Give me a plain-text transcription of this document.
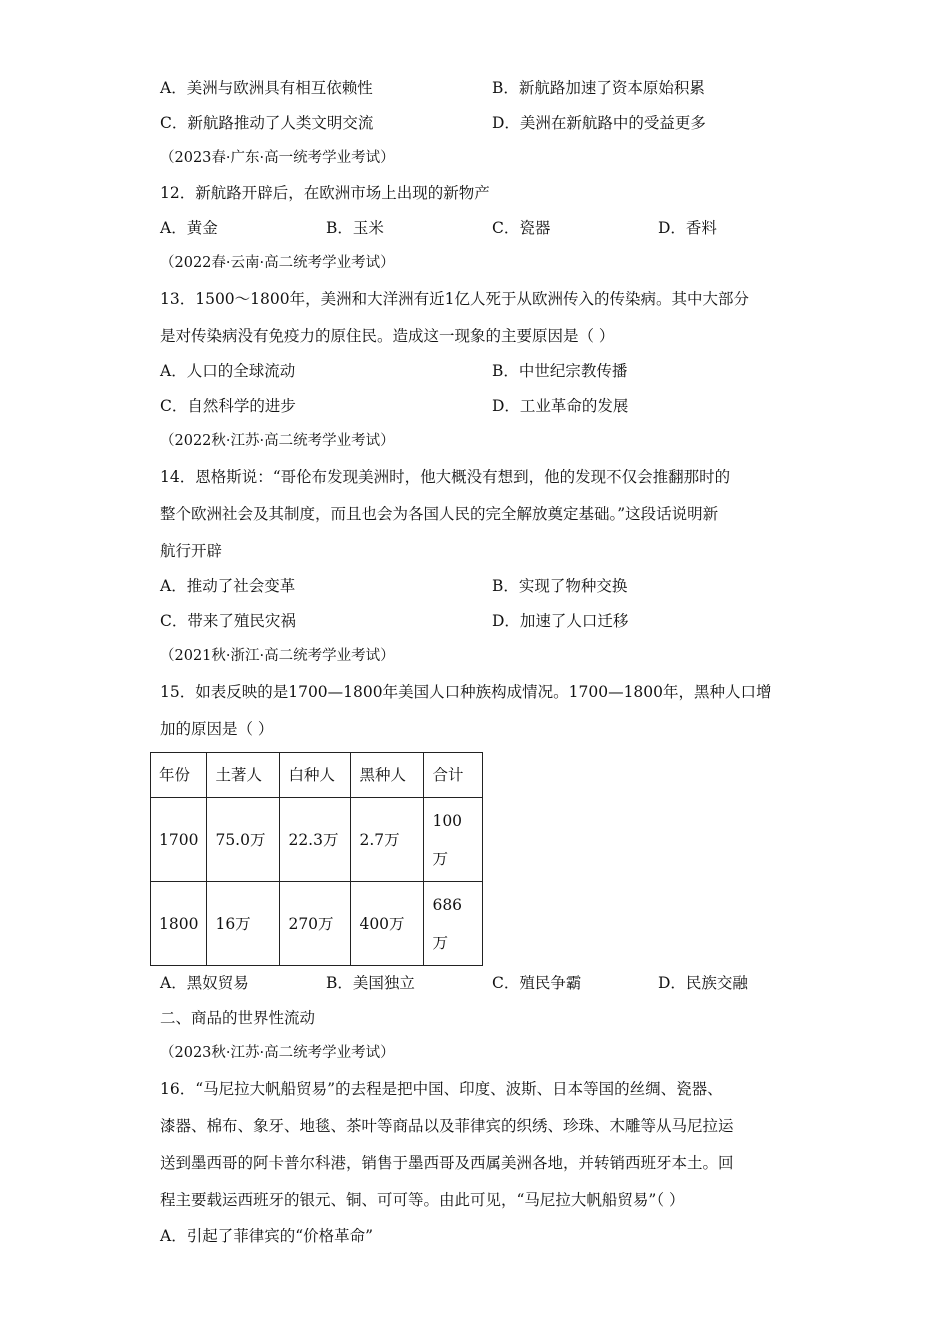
A．美洲与欧洲具有相互依赖性	B．新航路加速了资本原始积累
C．新航路推动了人类文明交流	D．美洲在新航路中的受益更多
（2023春·广东·高一统考学业考试）
12．新航路开辟后，在欧洲市场上出现的新物产
A．黄金	B．玉米	C．瓷器	D．香料
（2022春·云南·高二统考学业考试）
13．1500～1800年，美洲和大洋洲有近1亿人死于从欧洲传入的传染病。其中大部分
是对传染病没有免疫力的原住民。造成这一现象的主要原因是（ ）
A．人口的全球流动	B．中世纪宗教传播
C．自然科学的进步	D．工业革命的发展
（2022秋·江苏·高二统考学业考试）
14．恩格斯说：“哥伦布发现美洲时，他大概没有想到，他的发现不仅会推翻那时的
整个欧洲社会及其制度，而且也会为各国人民的完全解放奠定基础。”这段话说明新
航行开辟
A．推动了社会变革	B．实现了物种交换
C．带来了殖民灾祸	D．加速了人口迁移
（2021秋·浙江·高二统考学业考试）
15．如表反映的是1700—1800年美国人口种族构成情况。1700—1800年，黑种人口增
加的原因是（ ）
年份	土著人	白种人	黑种人	合计
1700	75.0万	22.3万	2.7万	100
万
1800	16万	270万	400万	686
万
A．黑奴贸易	B．美国独立	C．殖民争霸	D．民族交融
二、商品的世界性流动
（2023秋·江苏·高二统考学业考试）
16．“马尼拉大帆船贸易”的去程是把中国、印度、波斯、日本等国的丝绸、瓷器、
漆器、棉布、象牙、地毯、茶叶等商品以及菲律宾的织绣、珍珠、木雕等从马尼拉运
送到墨西哥的阿卡普尔科港，销售于墨西哥及西属美洲各地，并转销西班牙本土。回
程主要载运西班牙的银元、铜、可可等。由此可见，“马尼拉大帆船贸易”（ ）
A．引起了菲律宾的“价格革命”
